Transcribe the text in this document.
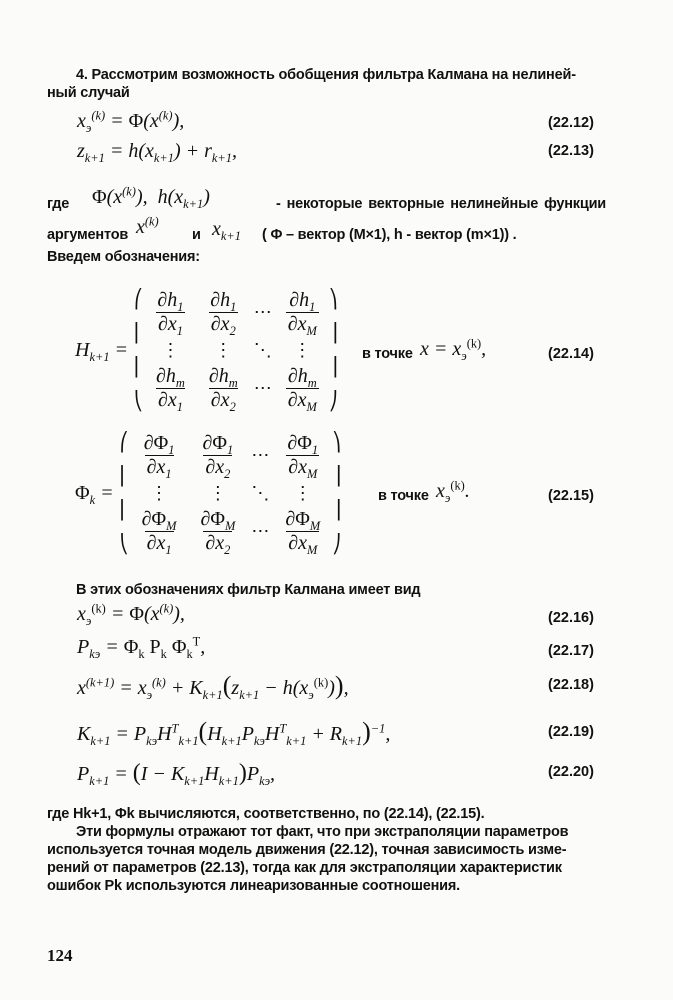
4. Рассмотрим возможность обобщения фильтра Калмана на нелиней-
ный случай
$x_э^{(k)} = \Phi(x^{(k)})$,	(22.12)
$z_{k+1} = h(x_{k+1}) + r_{k+1}$,	(22.13)
где $\Phi(x^{(k)})$,  $h(x_{k+1})$	- некоторые векторные нелинейные функции
аргументов $x^{(k)}$
и $x_{k+1}$ ( Φ – вектор (M×1), h - вектор (m×1)) .
Введем обозначения:
$H_{k+1}$ =
⎛
⎜
⎜
⎝
$\frac{\partial h_1}{\partial x_1} \frac{\partial h_1}{\partial x_2}$ ⋯ $\frac{\partial h_1}{\partial x_M}$
⋮ ⋮ ⋱ ⋮
$\frac{\partial h_m}{\partial x_1} \frac{\partial h_m}{\partial x_2}$ ⋯ $\frac{\partial h_m}{\partial x_M}$
⎞
⎟
⎟
⎠
в точке $x = x_э^{(k)}$,	(22.14)
$\Phi_k$ =
⎛
⎜
⎜
⎝
$\frac{\partial\Phi_1}{\partial x_1} \frac{\partial\Phi_1}{\partial x_2}$ ⋯ $\frac{\partial\Phi_1}{\partial x_M}$
⋮ ⋮ ⋱ ⋮
$\frac{\partial\Phi_M}{\partial x_1} \frac{\partial\Phi_M}{\partial x_2}$ ⋯ $\frac{\partial\Phi_M}{\partial x_M}$
⎞
⎟
⎟
⎠
в точке $x_э^{(k)}$.	(22.15)
В этих обозначениях фильтр Калмана имеет вид
$x_э^{(k)} = \Phi(x^{(k)})$,	(22.16)
$P_{kэ} = \Phi_k$ $P_k$ $\Phi_k^T$,	(22.17)
$x^{(k+1)} = x_э^{(k)} + K_{k+1}(z_{k+1} - h(x_э^{(k)}))$,	(22.18)
$K_{k+1} = P_{kэ}H^T_{k+1}(H_{k+1}P_{kэ}H^T_{k+1} + R_{k+1})^{-1}$,	(22.19)
$P_{k+1} = (I - K_{k+1}H_{k+1})P_{kэ}$,	(22.20)
где Hk+1, Φk вычисляются, соответственно, по (22.14), (22.15).
Эти формулы отражают тот факт, что при экстраполяции параметров
используется точная модель движения (22.12), точная зависимость изме-
рений от параметров (22.13), тогда как для экстраполяции характеристик
ошибок Pk используются линеаризованные соотношения.
124
